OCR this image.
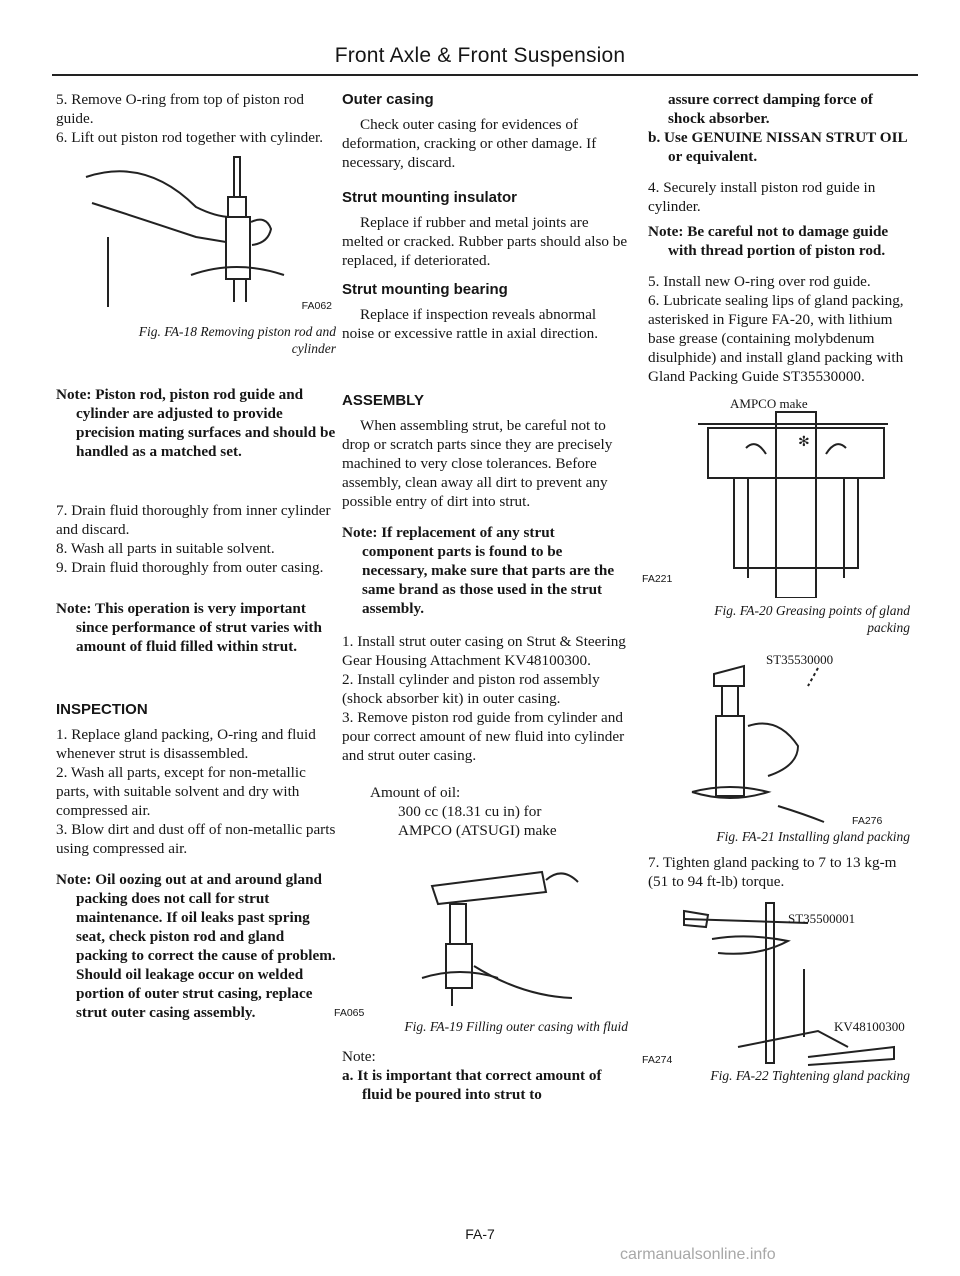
Front Axle & Front Suspension

5. Remove O-ring from top of piston rod guide.

6. Lift out piston rod together with cylinder.

FA062

Fig. FA-18 Removing piston rod and cylinder

Note: Piston rod, piston rod guide and cylinder are adjusted to provide precision mating surfaces and should be handled as a matched set.

7. Drain fluid thoroughly from inner cylinder and discard.

8. Wash all parts in suitable solvent.

9. Drain fluid thoroughly from outer casing.

Note: This operation is very important since performance of strut varies with amount of fluid filled within strut.

INSPECTION

1. Replace gland packing, O-ring and fluid whenever strut is disassembled.

2. Wash all parts, except for non-metallic parts, with suitable solvent and dry with compressed air.

3. Blow dirt and dust off of non-metallic parts using compressed air.

Note: Oil oozing out at and around gland packing does not call for strut maintenance. If oil leaks past spring seat, check piston rod and gland packing to correct the cause of problem. Should oil leakage occur on welded portion of outer strut casing, replace strut outer casing assembly.

Outer casing

Check outer casing for evidences of deformation, cracking or other damage. If necessary, discard.

Strut mounting insulator

Replace if rubber and metal joints are melted or cracked. Rubber parts should also be replaced, if deteriorated.

Strut mounting bearing

Replace if inspection reveals abnormal noise or excessive rattle in axial direction.

ASSEMBLY

When assembling strut, be careful not to drop or scratch parts since they are precisely machined to very close tolerances. Before assembly, clean away all dirt to prevent any possible entry of dirt into strut.

Note: If replacement of any strut component parts is found to be necessary, make sure that parts are the same brand as those used in the strut assembly.

1. Install strut outer casing on Strut & Steering Gear Housing Attachment KV48100300.

2. Install cylinder and piston rod assembly (shock absorber kit) in outer casing.

3. Remove piston rod guide from cylinder and pour correct amount of new fluid into cylinder and strut outer casing.

Amount of oil:

300 cc (18.31 cu in) for

AMPCO (ATSUGI) make

FA065

Fig. FA-19 Filling outer casing with fluid

Note:

a. It is important that correct amount of fluid be poured into strut to

assure correct damping force of shock absorber.

b. Use GENUINE NISSAN STRUT OIL or equivalent.

4. Securely install piston rod guide in cylinder.

Note: Be careful not to damage guide with thread portion of piston rod.

5. Install new O-ring over rod guide.

6. Lubricate sealing lips of gland packing, asterisked in Figure FA-20, with lithium base grease (containing molybdenum disulphide) and install gland packing with Gland Packing Guide ST35530000.

AMPCO make
✻
FA221

Fig. FA-20 Greasing points of gland packing

ST35530000
FA276

Fig. FA-21 Installing gland packing

7. Tighten gland packing to 7 to 13 kg-m (51 to 94 ft-lb) torque.

ST35500001
KV48100300
FA274

Fig. FA-22 Tightening gland packing

FA-7
carmanualsonline.info
